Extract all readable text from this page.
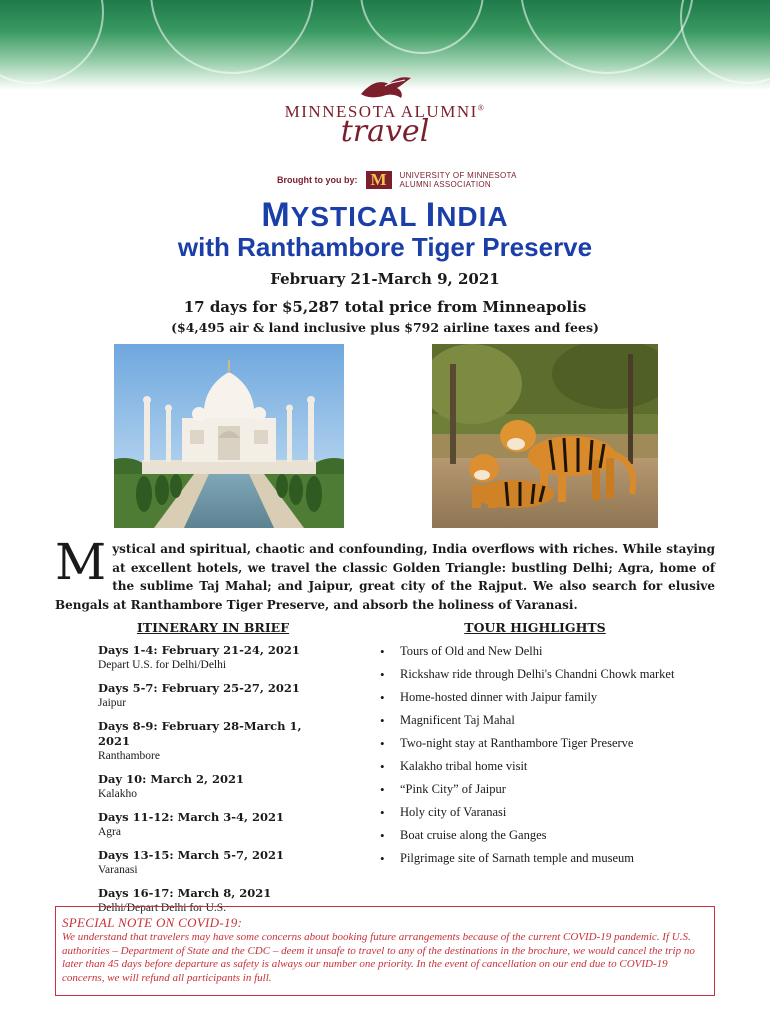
MINNESOTA ALUMNI®
travel
Brought to you by: M	UNIVERSITY OF MINNESOTA
ALUMNI ASSOCIATION
MYSTICAL INDIA
with Ranthambore Tiger Preserve
February 21-March 9, 2021
17 days for $5,287 total price from Minneapolis
($4,495 air & land inclusive plus $792 airline taxes and fees)
Mystical and spiritual, chaotic and confounding, India overflows with riches. While staying at excellent hotels, we travel the classic Golden Triangle: bustling Delhi; Agra, home of the sublime Taj Mahal; and Jaipur, great city of the Rajput. We also search for elusive Bengals at Ranthambore Tiger Preserve, and absorb the holiness of Varanasi.
ITINERARY IN BRIEF
Days 1-4: February 21-24, 2021
Depart U.S. for Delhi/Delhi
Days 5-7: February 25-27, 2021
Jaipur
Days 8-9: February 28-March 1, 2021
Ranthambore
Day 10: March 2, 2021
Kalakho
Days 11-12: March 3-4, 2021
Agra
Days 13-15: March 5-7, 2021
Varanasi
Days 16-17: March 8, 2021
Delhi/Depart Delhi for U.S.
TOUR HIGHLIGHTS
• Tours of Old and New Delhi
• Rickshaw ride through Delhi's Chandni Chowk market
• Home-hosted dinner with Jaipur family
• Magnificent Taj Mahal
• Two-night stay at Ranthambore Tiger Preserve
• Kalakho tribal home visit
• “Pink City” of Jaipur
• Holy city of Varanasi
• Boat cruise along the Ganges
• Pilgrimage site of Sarnath temple and museum
SPECIAL NOTE ON COVID-19:
We understand that travelers may have some concerns about booking future arrangements because of the current COVID-19 pandemic. If U.S. authorities – Department of State and the CDC – deem it unsafe to travel to any of the destinations in the brochure, we would cancel the trip no later than 45 days before departure as safety is always our number one priority. In the event of cancellation on our end due to COVID-19 concerns, we will refund all participants in full.
